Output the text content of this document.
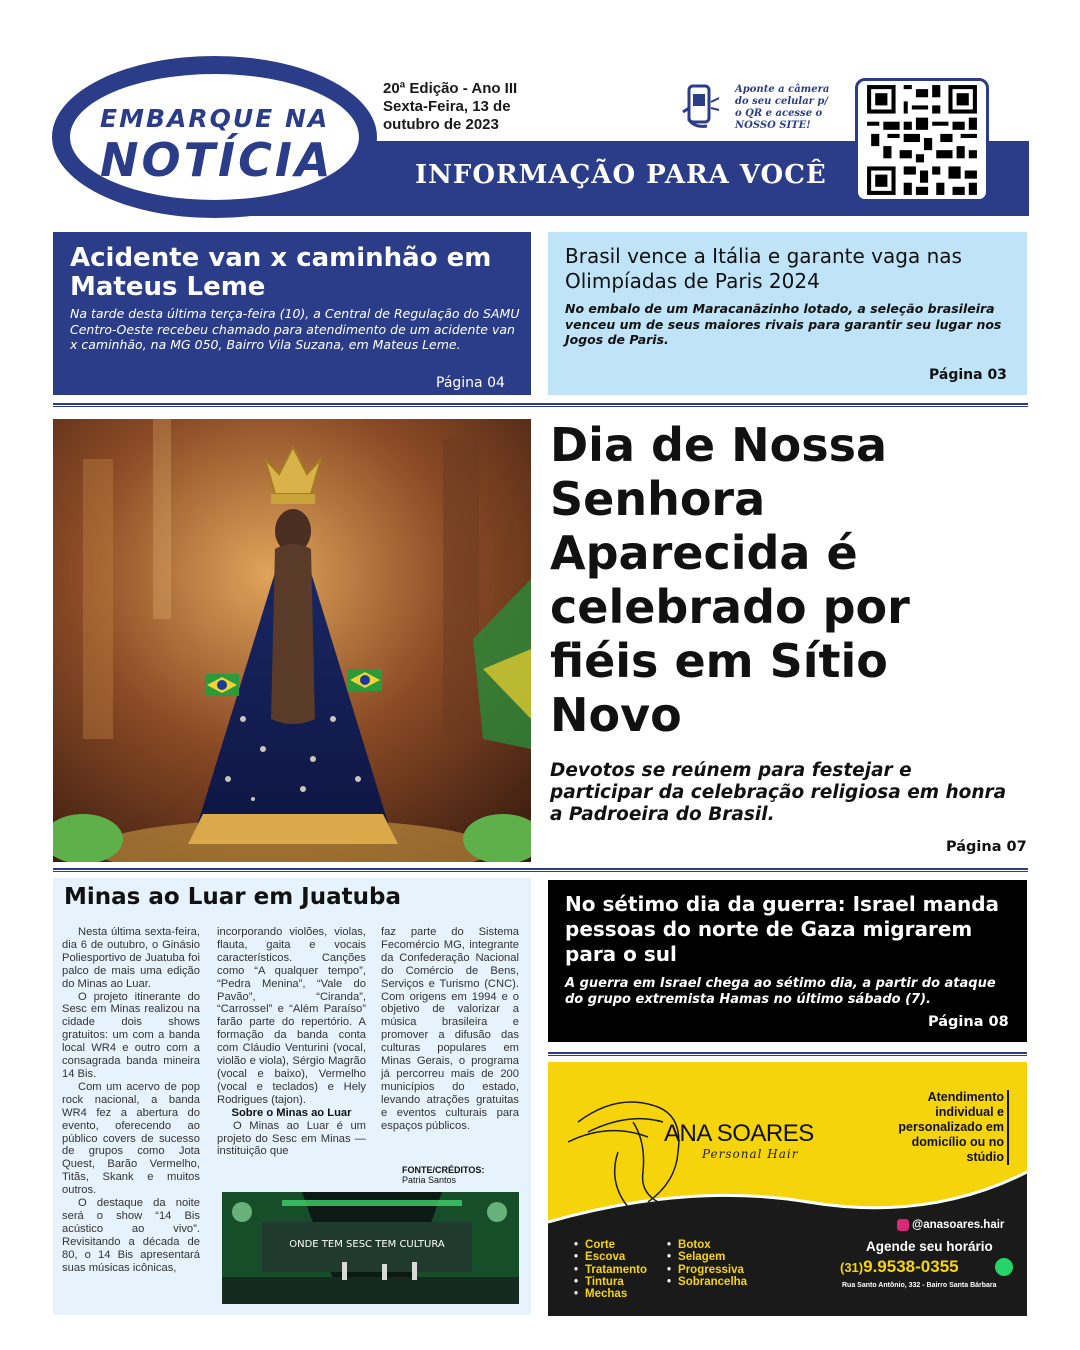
INFORMAÇÃO PARA VOCÊ
EMBARQUE NA
NOTÍCIA
20ª Edição - Ano III
Sexta-Feira, 13 de
outubro de 2023
Aponte a câmera
do seu celular p/
o QR e acesse o
NOSSO SITE!
Acidente van x caminhão em Mateus Leme
Na tarde desta última terça-feira (10), a Central de Regulação do SAMU Centro-Oeste recebeu chamado para atendimento de um acidente van x caminhão, na MG 050, Bairro Vila Suzana, em Mateus Leme.
Página 04
Brasil vence a Itália e garante vaga nas Olimpíadas de Paris 2024
No embalo de um Maracanãzinho lotado, a seleção brasileira venceu um de seus maiores rivais para garantir seu lugar nos Jogos de Paris.
Página 03
Dia de Nossa Senhora Aparecida é celebrado por fiéis em Sítio Novo
Devotos se reúnem para festejar e participar da celebração religiosa em honra a Padroeira do Brasil.
Página 07
Minas ao Luar em Juatuba

Nesta última sexta-feira, dia 6 de outubro, o Ginásio Poliesportivo de Juatuba foi palco de mais uma edição do Minas ao Luar.

O projeto itinerante do Sesc em Minas realizou na cidade dois shows gratuitos: um com a banda local WR4 e outro com a consagrada banda mineira 14 Bis.

Com um acervo de pop rock nacional, a banda WR4 fez a abertura do evento, oferecendo ao público covers de sucesso de grupos como Jota Quest, Barão Vermelho, Titãs, Skank e muitos outros.

O destaque da noite será o show “14 Bis acústico ao vivo”. Revisitando a década de 80, o 14 Bis apresentará suas músicas icônicas,

incorporando violões, violas, flauta, gaita e vocais característicos. Canções como “A qualquer tempo”, “Pedra Menina”, “Vale do Pavão”, “Ciranda”, “Carrossel” e “Além Paraíso” farão parte do repertório. A formação da banda conta com Cláudio Venturini (vocal, violão e viola), Sérgio Magrão (vocal e baixo), Vermelho (vocal e teclados) e Hely Rodrigues (tajon).

Sobre o Minas ao Luar

O Minas ao Luar é um projeto do Sesc em Minas — instituição que

faz parte do Sistema Fecomércio MG, integrante da Confederação Nacional do Comércio de Bens, Serviços e Turismo (CNC). Com origens em 1994 e o objetivo de valorizar a música brasileira e promover a difusão das culturas populares em Minas Gerais, o programa já percorreu mais de 200 municípios do estado, levando atrações gratuitas e eventos culturais para espaços públicos.

FONTE/CRÉDITOS:
Patria Santos
ONDE TEM SESC TEM CULTURA
No sétimo dia da guerra: Israel manda pessoas do norte de Gaza migrarem para o sul
A guerra em Israel chega ao sétimo dia, a partir do ataque do grupo extremista Hamas no último sábado (7).
Página 08
ANA SOARES
Personal Hair
Atendimento individual e personalizado em domicílio ou no stúdio
• Corte
• Escova
• Tratamento
• Tintura
• Mechas
• Botox
• Selagem
• Progressiva
• Sobrancelha
@anasoares.hair
Agende seu horário
(31)9.9538-0355
Rua Santo Antônio, 332 - Bairro Santa Bárbara
